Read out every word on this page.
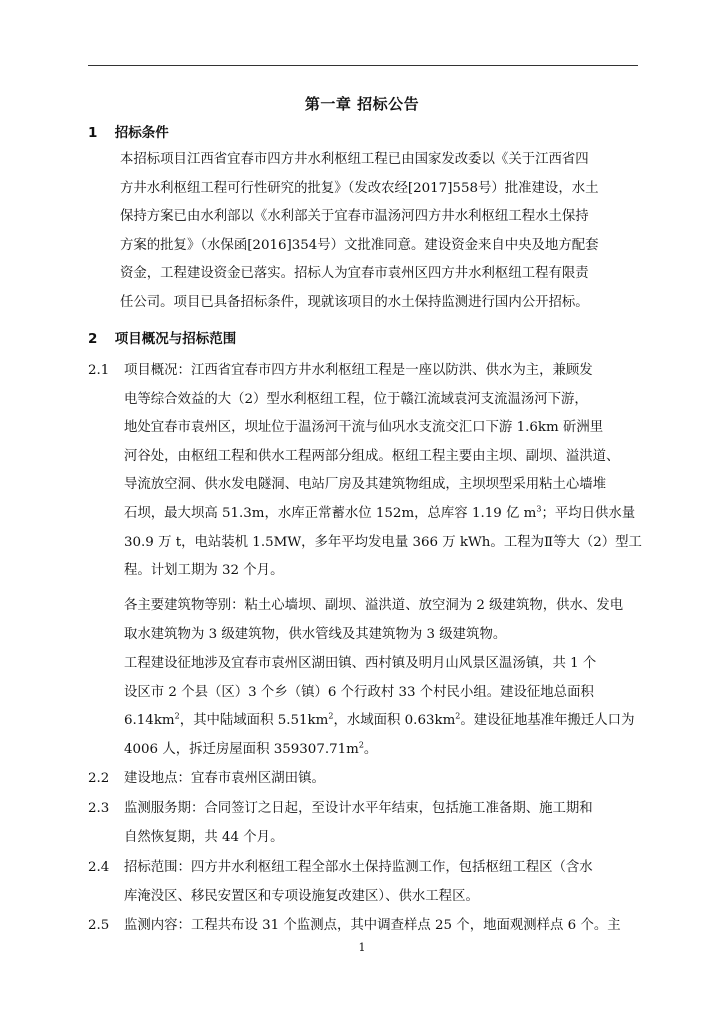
第一章 招标公告
1 招标条件
本招标项目江西省宜春市四方井水利枢纽工程已由国家发改委以《关于江西省四
方井水利枢纽工程可行性研究的批复》（发改农经[2017]558号）批准建设，水土
保持方案已由水利部以《水利部关于宜春市温汤河四方井水利枢纽工程水土保持
方案的批复》（水保函[2016]354号）文批准同意。建设资金来自中央及地方配套
资金，工程建设资金已落实。招标人为宜春市袁州区四方井水利枢纽工程有限责
任公司。项目已具备招标条件，现就该项目的水土保持监测进行国内公开招标。
2 项目概况与招标范围
2.1 项目概况：江西省宜春市四方井水利枢纽工程是一座以防洪、供水为主，兼顾发
电等综合效益的大（2）型水利枢纽工程，位于赣江流域袁河支流温汤河下游，
地处宜春市袁州区，坝址位于温汤河干流与仙巩水支流交汇口下游 1.6km 斫洲里
河谷处，由枢纽工程和供水工程两部分组成。枢纽工程主要由主坝、副坝、溢洪道、
导流放空洞、供水发电隧洞、电站厂房及其建筑物组成，主坝坝型采用粘土心墙堆
石坝，最大坝高 51.3m，水库正常蓄水位 152m，总库容 1.19 亿 $m^3$；平均日供水量
30.9 万 t，电站装机 1.5MW，多年平均发电量 366 万 kWh。工程为Ⅱ等大（2）型工
程。计划工期为 32 个月。
各主要建筑物等别：粘土心墙坝、副坝、溢洪道、放空洞为 2 级建筑物，供水、发电
取水建筑物为 3 级建筑物，供水管线及其建筑物为 3 级建筑物。
工程建设征地涉及宜春市袁州区湖田镇、西村镇及明月山风景区温汤镇，共 1 个
设区市 2 个县（区）3 个乡（镇）6 个行政村 33 个村民小组。建设征地总面积
$6.14km^2$，其中陆域面积 $5.51km^2$，水域面积 $0.63km^2$。建设征地基准年搬迁人口为
4006 人，拆迁房屋面积 $359307.71m^2$。
2.2 建设地点：宜春市袁州区湖田镇。
2.3 监测服务期：合同签订之日起，至设计水平年结束，包括施工准备期、施工期和
自然恢复期，共 44 个月。
2.4 招标范围：四方井水利枢纽工程全部水土保持监测工作，包括枢纽工程区（含水
库淹没区、移民安置区和专项设施复改建区）、供水工程区。
2.5 监测内容：工程共布设 31 个监测点，其中调查样点 25 个，地面观测样点 6 个。主
1
